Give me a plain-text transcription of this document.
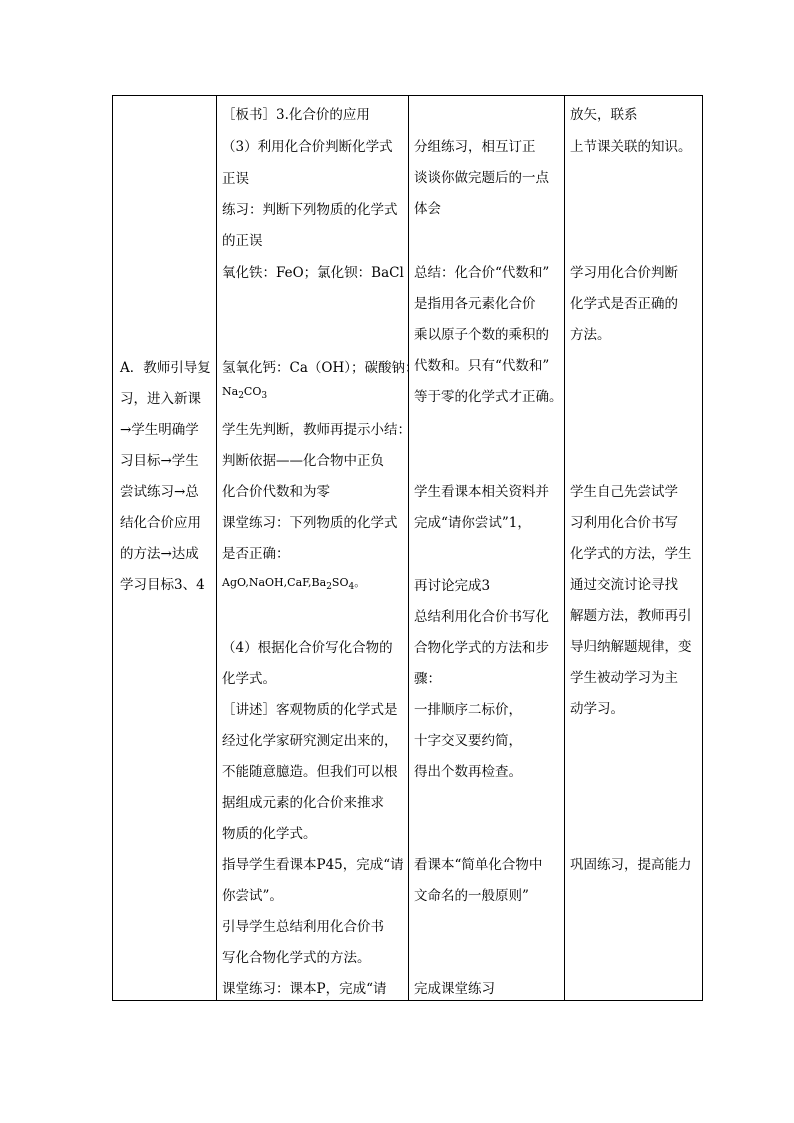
A．教师引导复
习，进入新课
→学生明确学
习目标→学生
尝试练习→总
结化合价应用
的方法→达成
学习目标3、4
［板书］3.化合价的应用
（3）利用化合价判断化学式
正误
练习：判断下列物质的化学式
的正误
氧化铁：FeO；氯化钡：BaCl
氢氧化钙：Ca（OH）；碳酸钠：
$Na_2CO_3$
学生先判断，教师再提示小结：
判断依据——化合物中正负
化合价代数和为零
课堂练习：下列物质的化学式
是否正确：
$AgO,NaOH,CaF,Ba_2SO_4$。
（4）根据化合价写化合物的
化学式。
［讲述］客观物质的化学式是
经过化学家研究测定出来的，
不能随意臆造。但我们可以根
据组成元素的化合价来推求
物质的化学式。
指导学生看课本P45，完成“请
你尝试”。
引导学生总结利用化合价书
写化合物化学式的方法。
课堂练习：课本P，完成“请
分组练习，相互订正
谈谈你做完题后的一点
体会
总结：化合价“代数和”
是指用各元素化合价
乘以原子个数的乘积的
代数和。只有“代数和”
等于零的化学式才正确。
学生看课本相关资料并
完成“请你尝试”1，
再讨论完成3
总结利用化合价书写化
合物化学式的方法和步
骤：
一排顺序二标价，
十字交叉要约简，
得出个数再检查。
看课本“简单化合物中
文命名的一般原则”
完成课堂练习
放矢，联系
上节课关联的知识。
学习用化合价判断
化学式是否正确的
方法。
学生自己先尝试学
习利用化合价书写
化学式的方法，学生
通过交流讨论寻找
解题方法，教师再引
导归纳解题规律，变
学生被动学习为主
动学习。
巩固练习，提高能力
